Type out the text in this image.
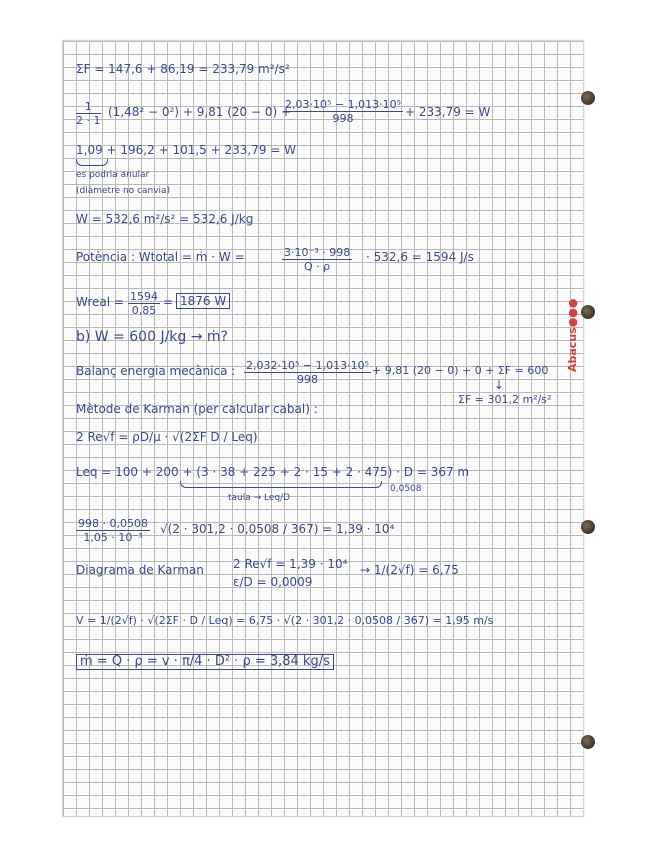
Abacus●●●
ΣF = 147,6 + 86,19 = 233,79 m²/s²
$\frac{1}{2 \cdot 1} (1,48^2 - 0^2) + 9,81$ (20 − 0) +
$\frac{\text{2,03·10⁵ − 1,013·10⁵}}{998} + 233,79 = W$
1,09 + 196,2 + 101,5 + 233,79 = W
es podria anular
(diàmetre no canvia)
W = 532,6 m²/s² = 532,6 J/kg
Potència : Wtotal = ṁ · W =	$\frac{\text{3·10⁻³ · 998}}{Q \cdot \rho} \cdot 532,6 = 1594$ J/s
Wreal = $\frac{1594}{0,85} = 1876$ W
b) W = 600 J/kg → ṁ?
Balanç energia mecànica : $\frac{\text{2,032·10⁵ − 1,013·10⁵}}{998} + 9,81$ (20 − 0) + 0 + ΣF = 600
↓
ΣF = 301,2 m²/s²
Mètode de Karman (per calcular cabal) :
2 Re√f = ρD/μ · √(2ΣF D / Leq)
Leq = 100 + 200 + (3 · 38 + 225 + 2 · 15 + 2 · 475) · D = 367 m
taula → Leq/D
0,0508
$\frac{998 \cdot 0,0508}{\text{1,05 · 10⁻³}} √(2 \cdot 301,2 \cdot 0,0508 / 367) = 1,39 \cdot 10^4$
Diagrama de Karman 2 Re√f = 1,39 · 10⁴
ε/D = 0,0009
→ 1/(2√f) = 6,75
V = 1/(2√f) · √(2ΣF · D / Leq) = 6,75 · √(2 · 301,2 · 0,0508 / 367) = 1,95 m/s
ṁ = Q · ρ = v · π/4 · D² · ρ = 3,84 kg/s
